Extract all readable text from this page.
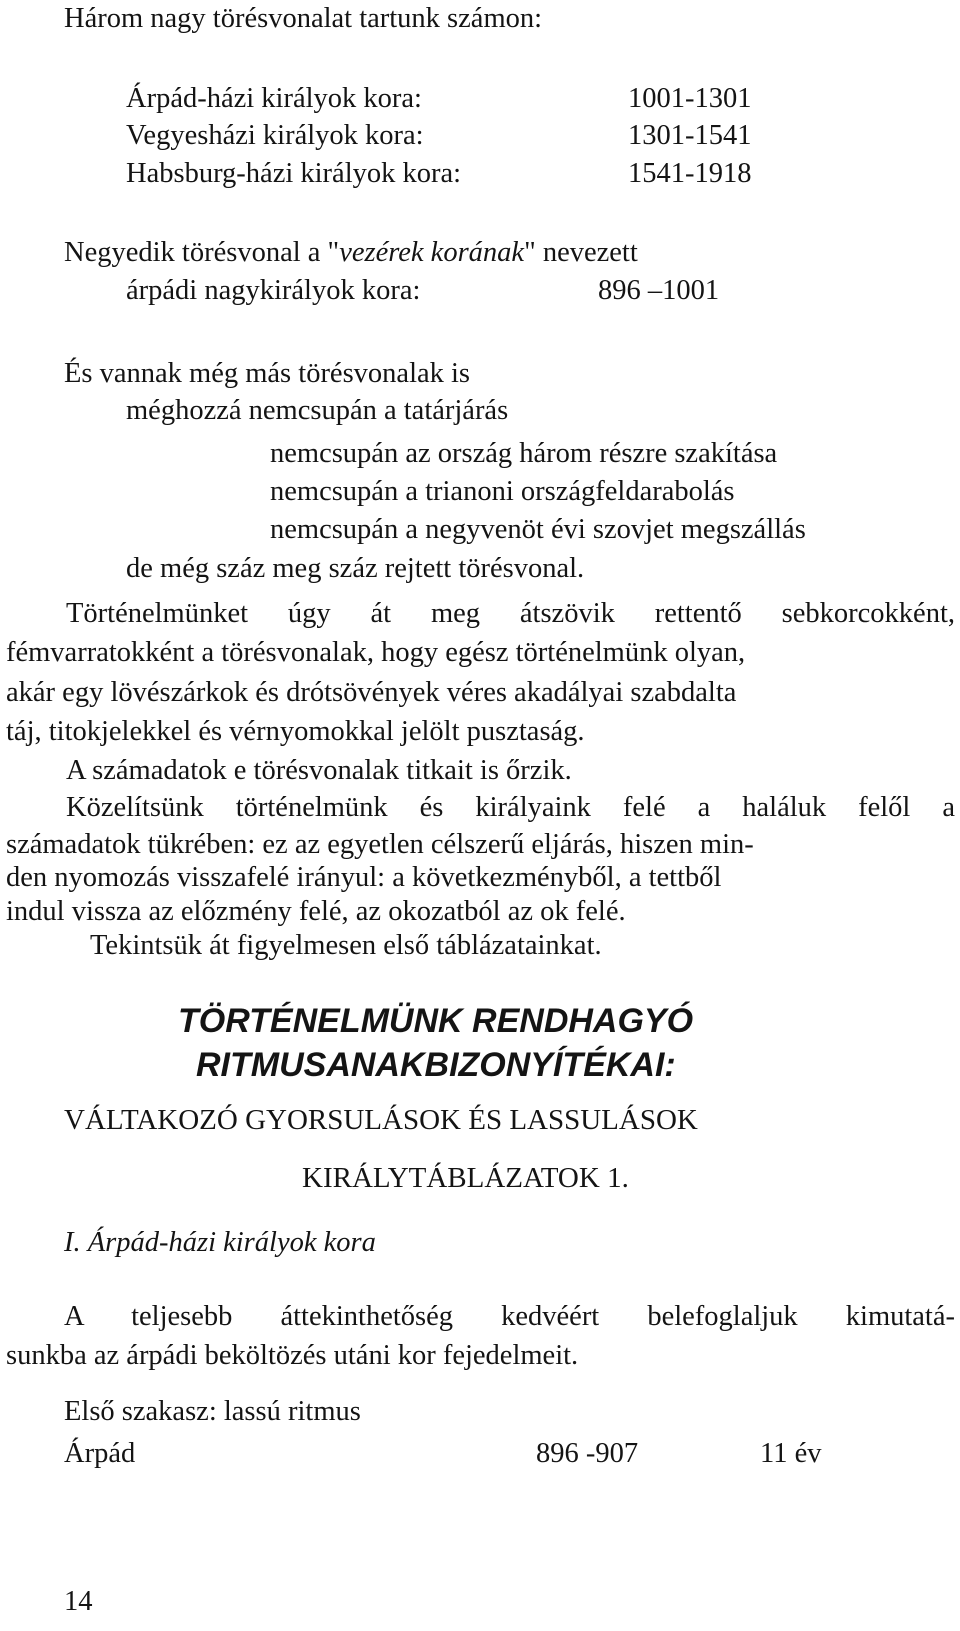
Három nagy törésvonalat tartunk számon:
Árpád-házi királyok kora:	1001-1301
Vegyesházi királyok kora:	1301-1541
Habsburg-házi királyok kora:	1541-1918
Negyedik törésvonal a "vezérek korának" nevezett
árpádi nagykirályok kora:	896 –1001
És vannak még más törésvonalak is
méghozzá nemcsupán a tatárjárás
nemcsupán az ország három részre szakítása
nemcsupán a trianoni országfeldarabolás
nemcsupán a negyvenöt évi szovjet megszállás
de még száz meg száz rejtett törésvonal.
Történelmünket úgy át meg átszövik rettentő sebkorcokként,
fémvarratokként a törésvonalak, hogy egész történelmünk olyan,
akár egy lövészárkok és drótsövények véres akadályai szabdalta
táj, titokjelekkel és vérnyomokkal jelölt pusztaság.
A számadatok e törésvonalak titkait is őrzik.
Közelítsünk történelmünk és királyaink felé a haláluk felől a
számadatok tükrében: ez az egyetlen célszerű eljárás, hiszen min-
den nyomozás visszafelé irányul: a következményből, a tettből
indul vissza az előzmény felé, az okozatból az ok felé.
Tekintsük át figyelmesen első táblázatainkat.
TÖRTÉNELMÜNK RENDHAGYÓ
RITMUSANAKBIZONYÍTÉKAI:
VÁLTAKOZÓ GYORSULÁSOK ÉS LASSULÁSOK
KIRÁLYTÁBLÁZATOK 1.
I. Árpád-házi királyok kora
A teljesebb áttekinthetőség kedvéért belefoglaljuk kimutatá-
sunkba az árpádi beköltözés utáni kor fejedelmeit.
Első szakasz: lassú ritmus
Árpád	896 -907	11 év
14
